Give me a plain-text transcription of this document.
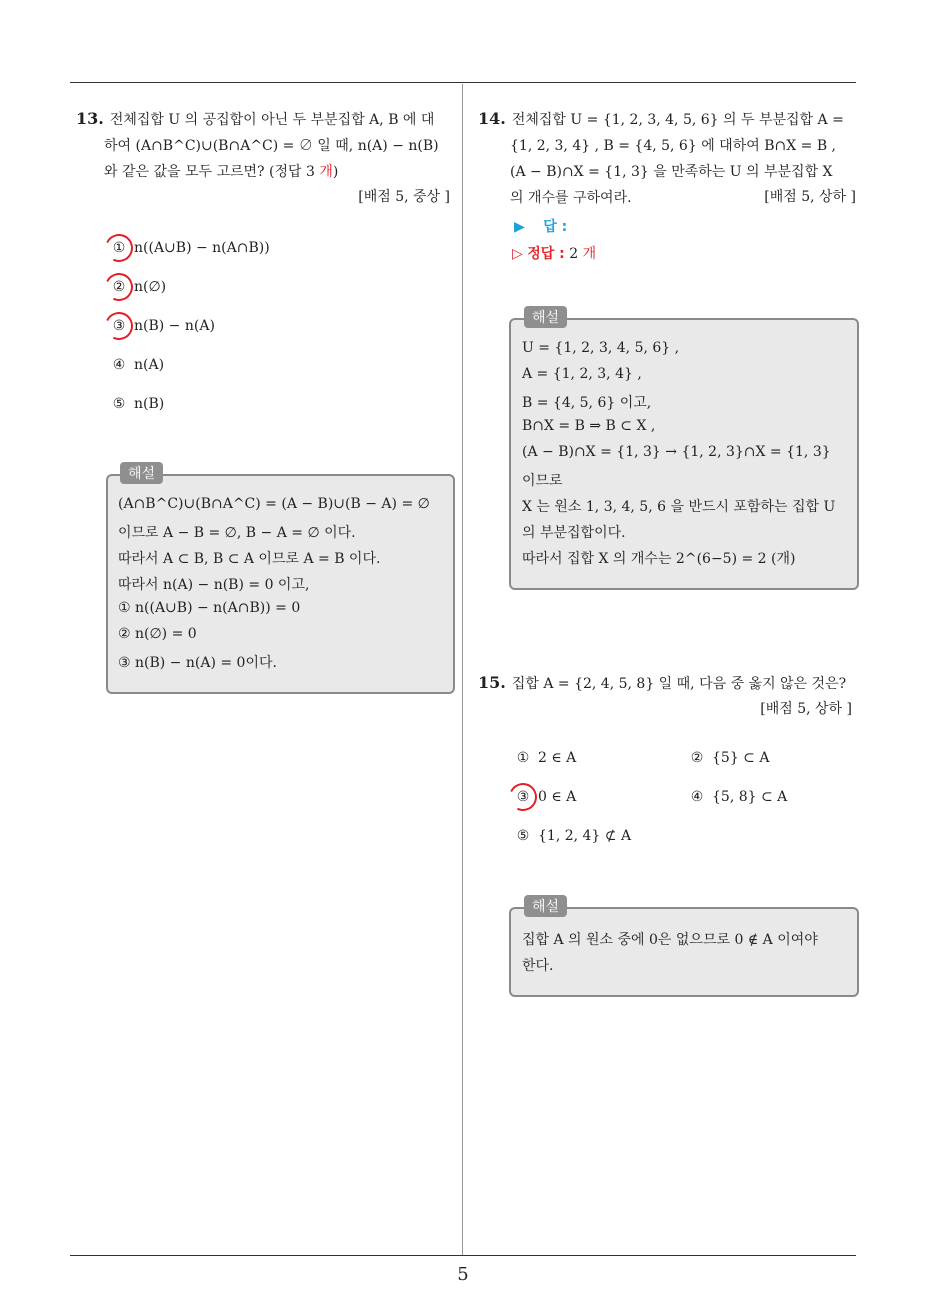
13. 전체집합 U 의 공집합이 아닌 두 부분집합 A, B 에 대
하여 (A∩B^C)∪(B∩A^C) = ∅ 일 때, n(A) − n(B)
와 같은 값을 모두 고르면? (정답 3 개)
[배점 5, 중상 ]
① n((A∪B) − n(A∩B))
② n(∅)
③ n(B) − n(A)
④ n(A)
⑤ n(B)
해설
(A∩B^C)∪(B∩A^C) = (A − B)∪(B − A) = ∅
이므로 A − B = ∅, B − A = ∅ 이다.
따라서 A ⊂ B, B ⊂ A 이므로 A = B 이다.
따라서 n(A) − n(B) = 0 이고,
① n((A∪B) − n(A∩B)) = 0
② n(∅) = 0
③ n(B) − n(A) = 0이다.
14. 전체집합 U = {1, 2, 3, 4, 5, 6} 의 두 부분집합 A =
{1, 2, 3, 4} , B = {4, 5, 6} 에 대하여 B∩X = B ,
(A − B)∩X = {1, 3} 을 만족하는 U 의 부분집합 X
의 개수를 구하여라.	[배점 5, 상하 ]
▶ 답 :
▷ 정답 : 2 개
해설
U = {1, 2, 3, 4, 5, 6} ,
A = {1, 2, 3, 4} ,
B = {4, 5, 6} 이고,
B∩X = B ⇒ B ⊂ X ,
(A − B)∩X = {1, 3} → {1, 2, 3}∩X = {1, 3}
이므로
X 는 원소 1, 3, 4, 5, 6 을 반드시 포함하는 집합 U
의 부분집합이다.
따라서 집합 X 의 개수는 2^(6−5) = 2 (개)
15. 집합 A = {2, 4, 5, 8} 일 때, 다음 중 옳지 않은 것은?
[배점 5, 상하 ]
① 2 ∈ A	② {5} ⊂ A
③ 0 ∈ A	④ {5, 8} ⊂ A
⑤ {1, 2, 4} ⊄ A
해설
집합 A 의 원소 중에 0은 없으므로 0 ∉ A 이여야
한다.
5
